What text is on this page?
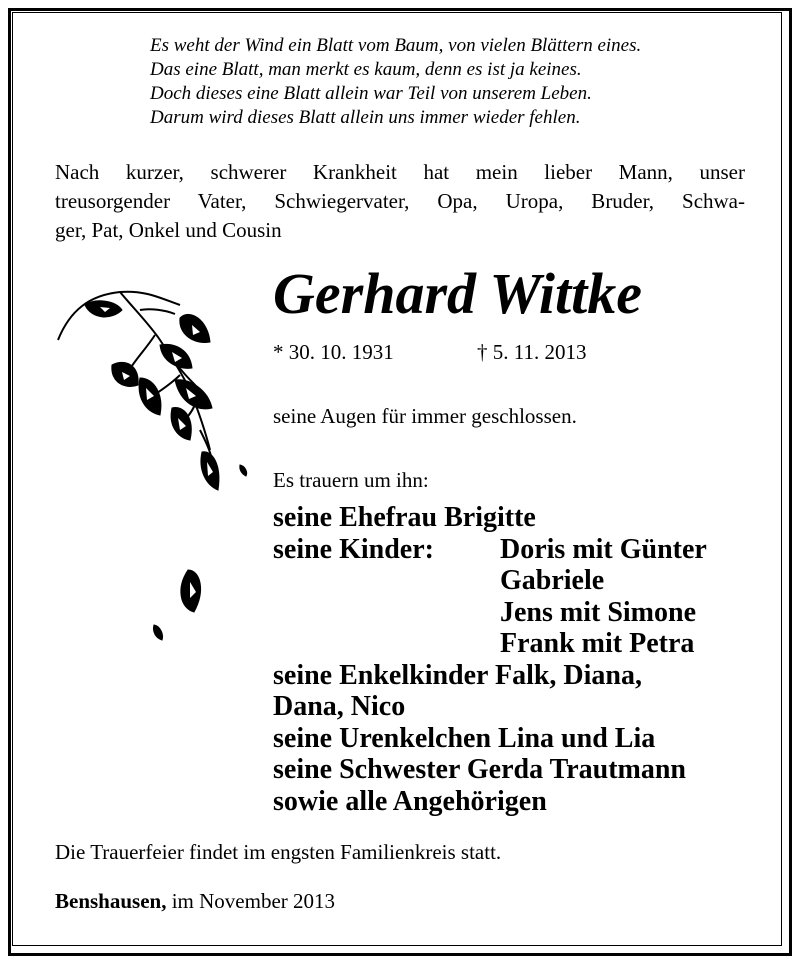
Es weht der Wind ein Blatt vom Baum, von vielen Blättern eines.
Das eine Blatt, man merkt es kaum, denn es ist ja keines.
Doch dieses eine Blatt allein war Teil von unserem Leben.
Darum wird dieses Blatt allein uns immer wieder fehlen.
Nach kurzer, schwerer Krankheit hat mein lieber Mann, unser
treusorgender Vater, Schwiegervater, Opa, Uropa, Bruder, Schwa-
ger, Pat, Onkel und Cousin
Gerhard Wittke
* 30. 10. 1931	† 5. 11. 2013
seine Augen für immer geschlossen.
Es trauern um ihn:
seine Ehefrau Brigitte
seine Kinder:	Doris mit Günter
Gabriele
Jens mit Simone
Frank mit Petra
seine Enkelkinder Falk, Diana,
Dana, Nico
seine Urenkelchen Lina und Lia
seine Schwester Gerda Trautmann
sowie alle Angehörigen
Die Trauerfeier findet im engsten Familienkreis statt.
Benshausen, im November 2013
